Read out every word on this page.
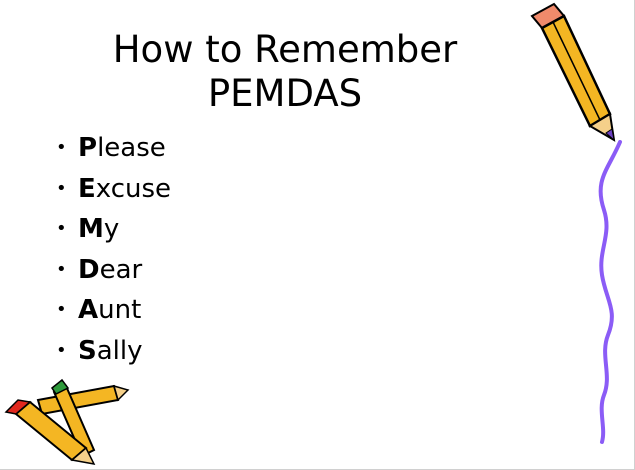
How to Remember
PEMDAS
• Please
• Excuse
• My
• Dear
• Aunt
• Sally
